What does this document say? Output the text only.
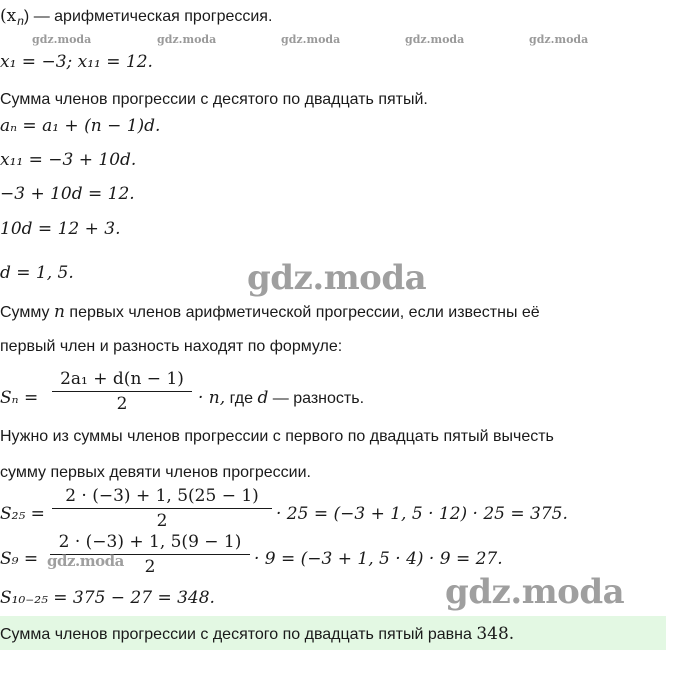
gdz.moda	gdz.moda	gdz.moda	gdz.moda	gdz.moda
$(x_n)$ — арифметическая прогрессия.
x₁ = −3; x₁₁ = 12.
Сумма членов прогрессии с десятого по двадцать пятый.
aₙ = a₁ + (n − 1)d.
x₁₁ = −3 + 10d.
−3 + 10d = 12.
10d = 12 + 3.
d = 1, 5.	gdz.moda
Сумму n первых членов арифметической прогрессии, если известны её
первый член и разность находят по формуле:
Sₙ =
2a₁ + d(n − 1)
2	· n, где d — разность.
Нужно из суммы членов прогрессии с первого по двадцать пятый вычесть
сумму первых девяти членов прогрессии.
S₂₅ =
2 · (−3) + 1, 5(25 − 1)
2	· 25 = (−3 + 1, 5 · 12) · 25 = 375.
S₉ =
2 · (−3) + 1, 5(9 − 1)
2	· 9 = (−3 + 1, 5 · 4) · 9 = 27.
gdz.moda
S₁₀₋₂₅ = 375 − 27 = 348.	gdz.moda
Сумма членов прогрессии с десятого по двадцать пятый равна 348.
